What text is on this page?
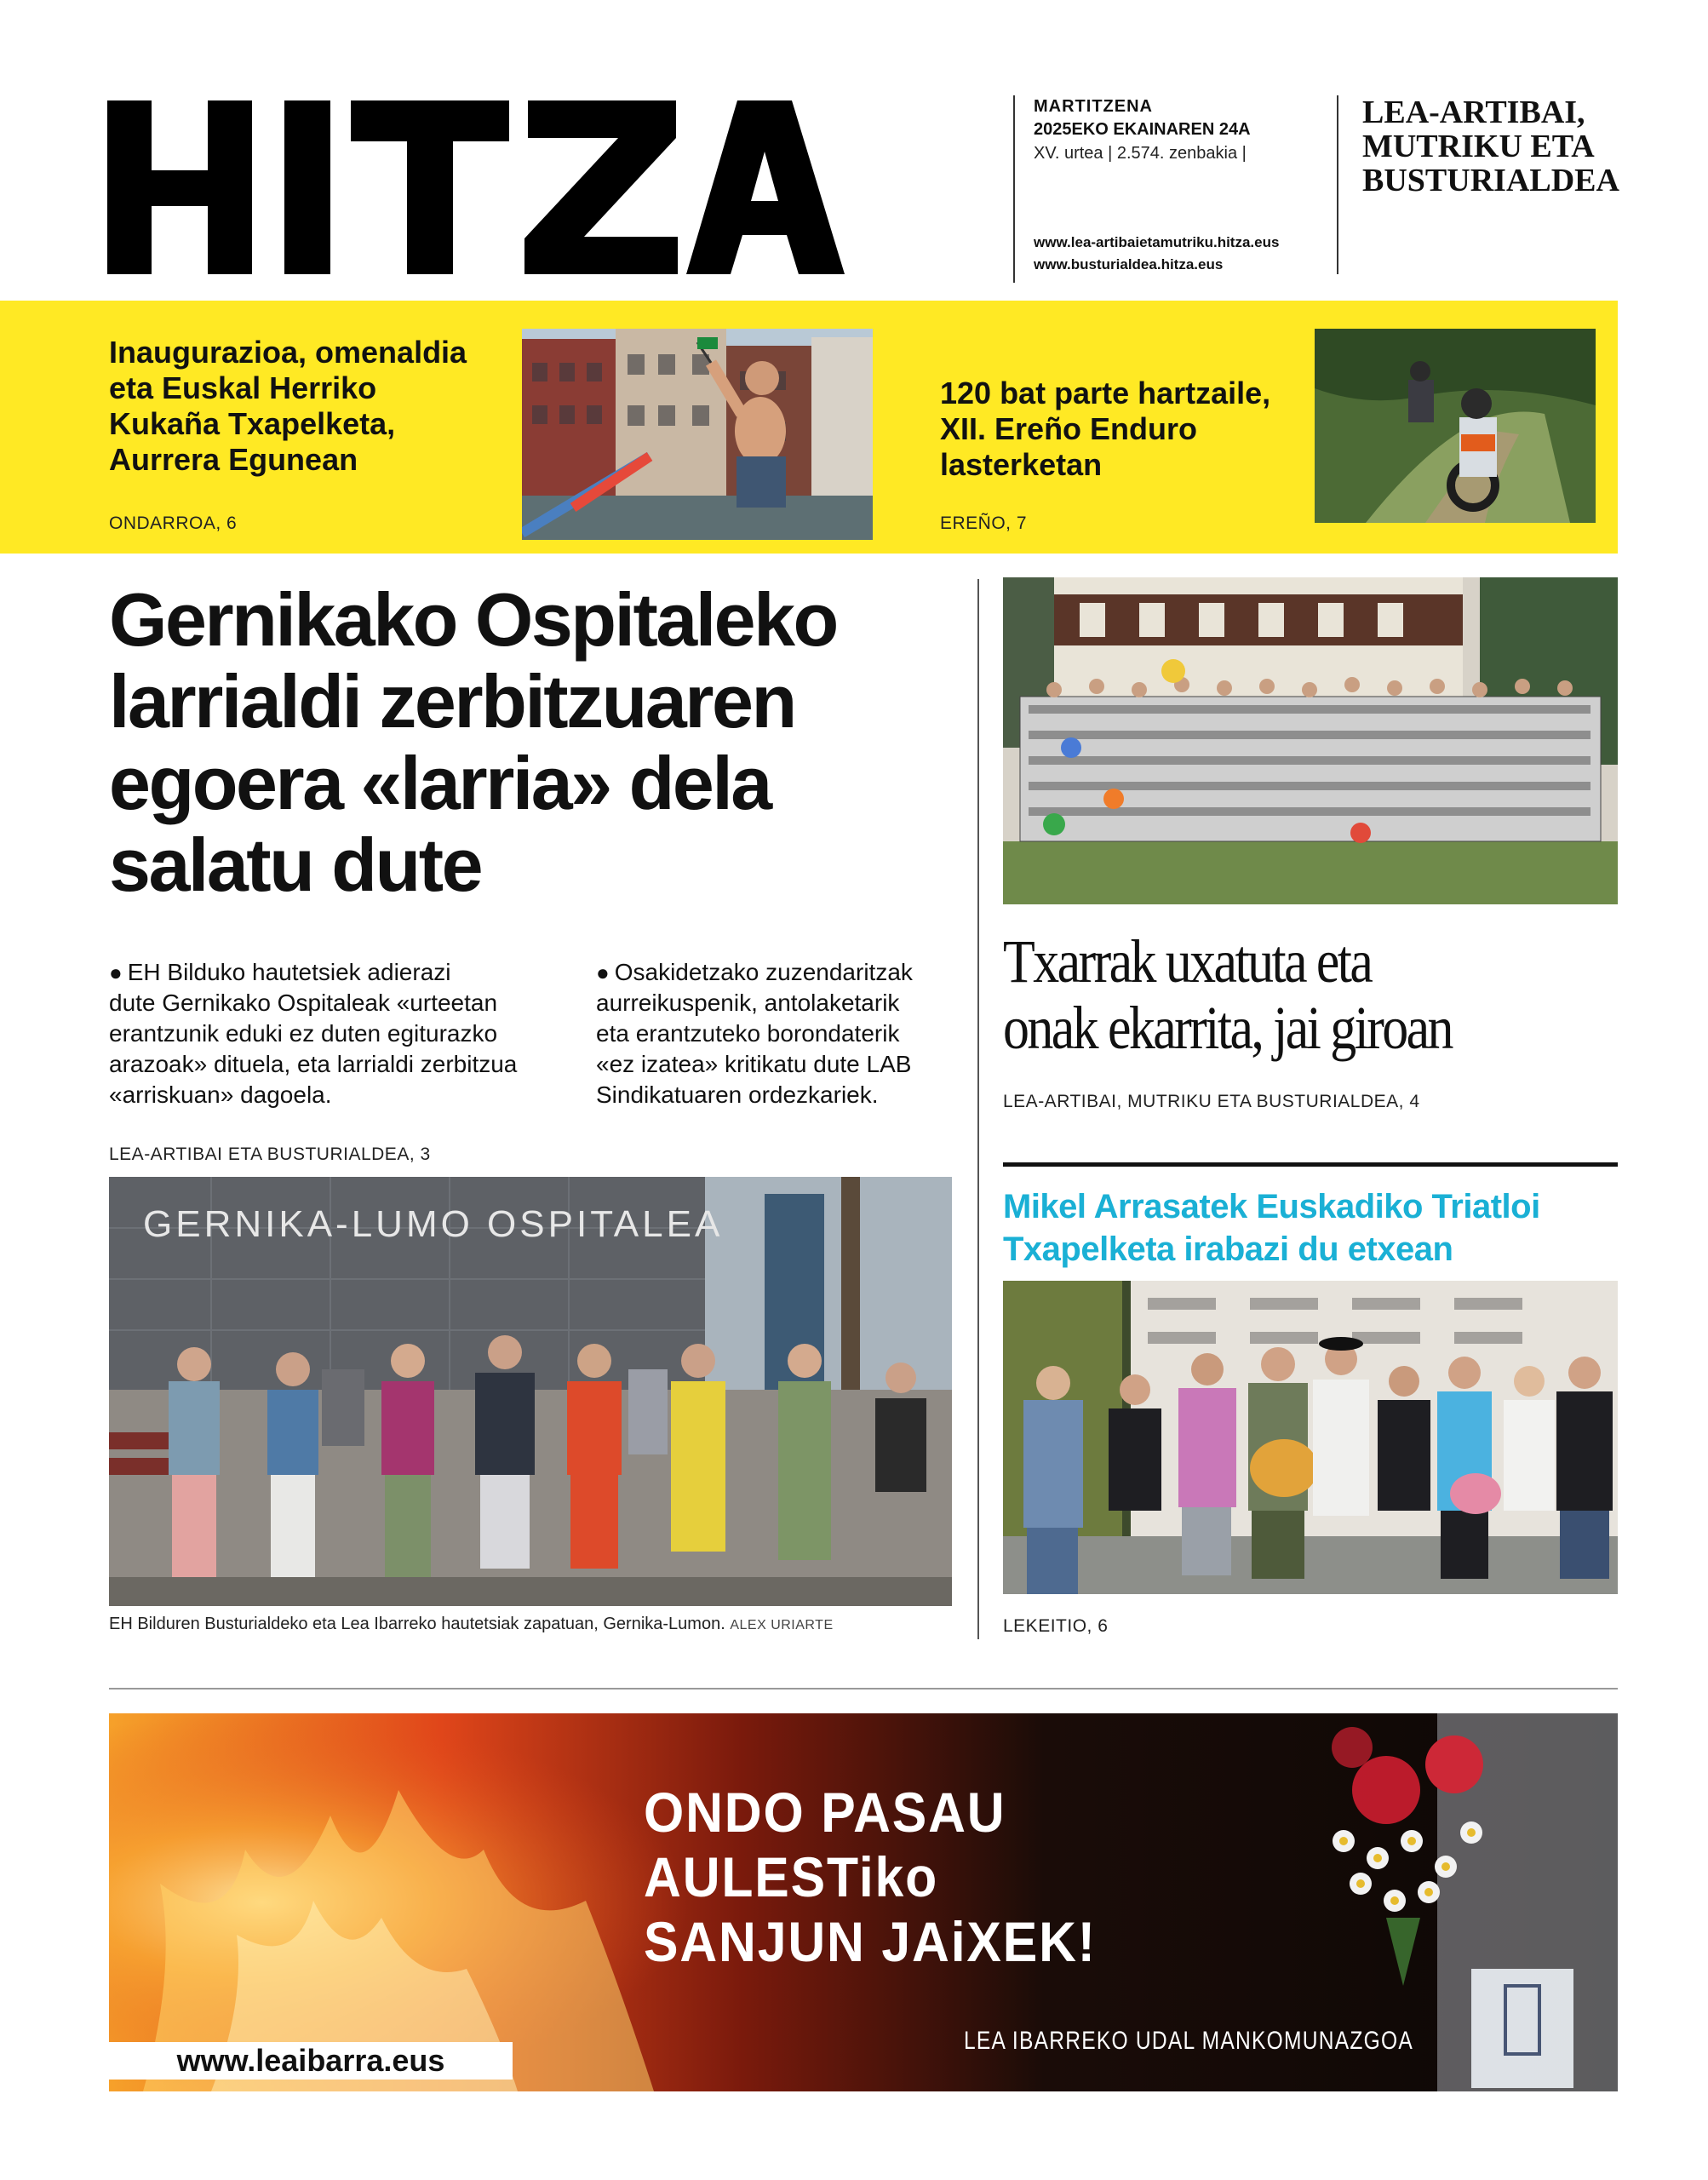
HITZA
MARTITZENA
2025EKO EKAINAREN 24A
XV. urtea | 2.574. zenbakia |
www.lea-artibaietamutriku.hitza.eus
www.busturialdea.hitza.eus
LEA-ARTIBAI,
MUTRIKU ETA
BUSTURIALDEA
Inaugurazioa, omenaldia
eta Euskal Herriko
Kukaña Txapelketa,
Aurrera Egunean
ONDARROA, 6
120 bat parte hartzaile,
XII. Ereño Enduro
lasterketan
EREÑO, 7
Gernikako Ospitaleko
larrialdi zerbitzuaren
egoera «larria» dela
salatu dute
● EH Bilduko hautetsiek adierazi
dute Gernikako Ospitaleak «urteetan
erantzunik eduki ez duten egiturazko
arazoak» dituela, eta larrialdi zerbitzua
«arriskuan» dagoela.
● Osakidetzako zuzendaritzak
aurreikuspenik, antolaketarik
eta erantzuteko borondaterik
«ez izatea» kritikatu dute LAB
Sindikatuaren ordezkariek.
LEA-ARTIBAI ETA BUSTURIALDEA, 3
GERNIKA-LUMO OSPITALEA
EH Bilduren Busturialdeko eta Lea Ibarreko hautetsiak zapatuan, Gernika-Lumon. ALEX URIARTE
Txarrak uxatuta eta
onak ekarrita, jai giroan
LEA-ARTIBAI, MUTRIKU ETA BUSTURIALDEA, 4
Mikel Arrasatek Euskadiko Triatloi
Txapelketa irabazi du etxean
LEKEITIO, 6
ONDO PASAU
AULESTiko
SANJUN JAiXEK!
LEA IBARREKO UDAL MANKOMUNAZGOA
www.leaibarra.eus
